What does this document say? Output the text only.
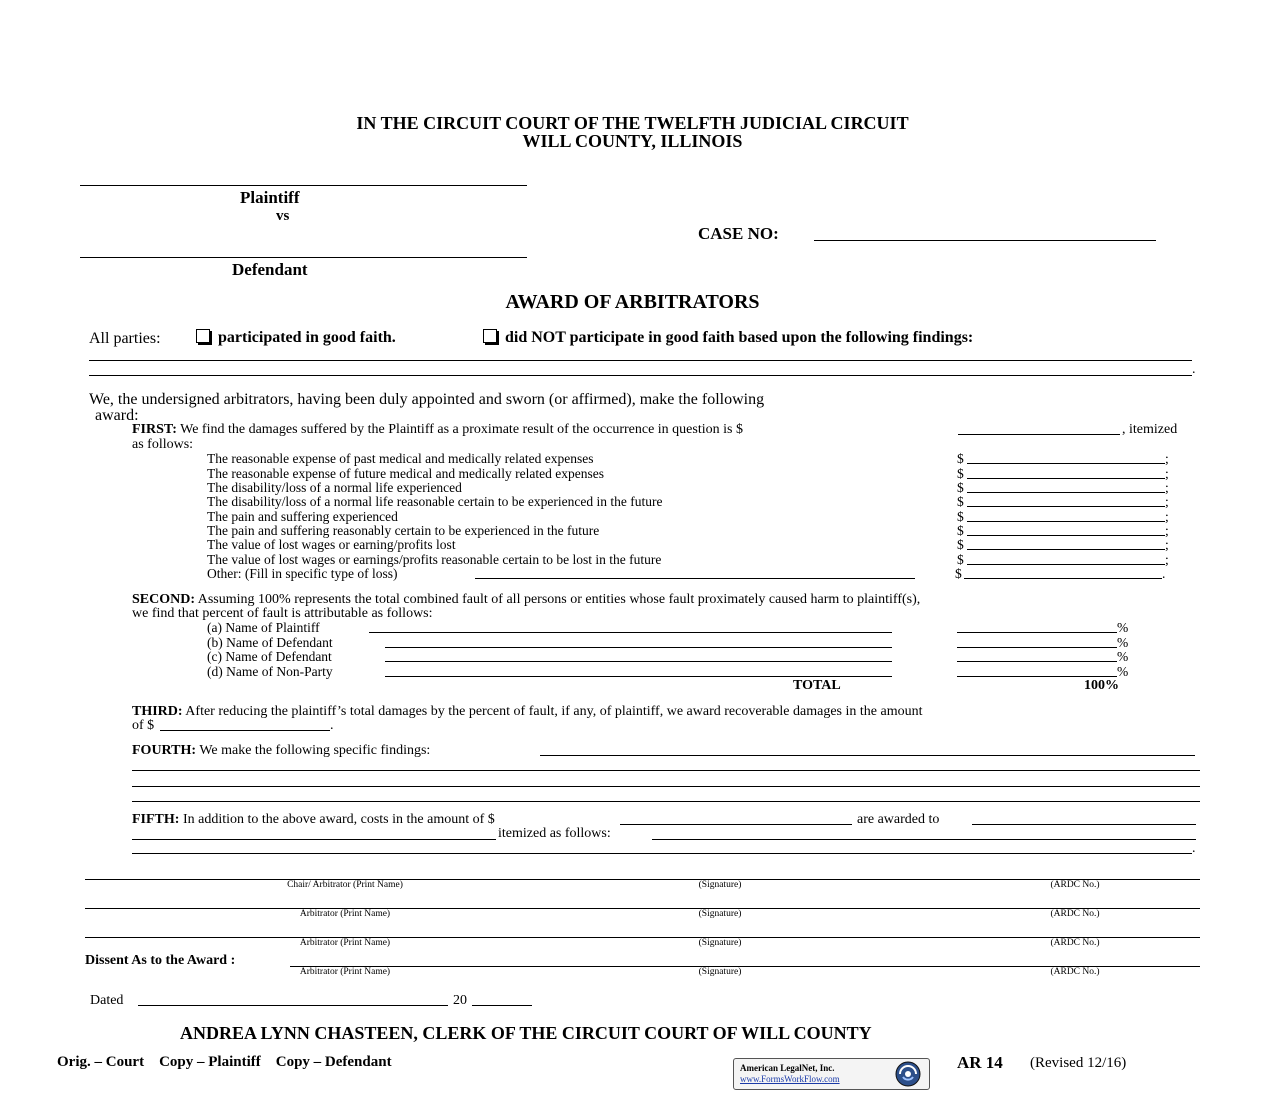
IN THE CIRCUIT COURT OF THE TWELFTH JUDICIAL CIRCUIT
WILL COUNTY, ILLINOIS
Plaintiff
vs
Defendant
CASE NO:
AWARD OF ARBITRATORS
All parties:	participated in good faith.	did NOT participate in good faith based upon the following findings:
.
We, the undersigned arbitrators, having been duly appointed and sworn (or affirmed), make the following
award:
FIRST: We find the damages suffered by the Plaintiff as a proximate result of the occurrence in question is $	, itemized
as follows:
The reasonable expense of past medical and medically related expenses	$	;
The reasonable expense of future medical and medically related expenses	$	;
The disability/loss of a normal life experienced	$	;
The disability/loss of a normal life reasonable certain to be experienced in the future	$	;
The pain and suffering experienced	$	;
The pain and suffering reasonably certain to be experienced in the future	$	;
The value of lost wages or earning/profits lost	$	;
The value of lost wages or earnings/profits reasonable certain to be lost in the future	$	;
Other: (Fill in specific type of loss)	$	.
SECOND: Assuming 100% represents the total combined fault of all persons or entities whose fault proximately caused harm to plaintiff(s),
we find that percent of fault is attributable as follows:
(a) Name of Plaintiff	%
(b) Name of Defendant	%
(c) Name of Defendant	%
(d) Name of Non-Party	%
TOTAL	100%
THIRD: After reducing the plaintiff’s total damages by the percent of fault, if any, of plaintiff, we award recoverable damages in the amount
of $	.
FOURTH: We make the following specific findings:
FIFTH: In addition to the above award, costs in the amount of $	are awarded to
itemized as follows:
.
Chair/ Arbitrator (Print Name)	(Signature)	(ARDC No.)
Arbitrator (Print Name)	(Signature)	(ARDC No.)
Arbitrator (Print Name)	(Signature)	(ARDC No.)
Arbitrator (Print Name)	(Signature)	(ARDC No.)
Dissent As to the Award :
Dated	20
ANDREA LYNN CHASTEEN, CLERK OF THE CIRCUIT COURT OF WILL COUNTY
Orig. – Court    Copy – Plaintiff    Copy – Defendant	American LegalNet, Inc.
www.FormsWorkFlow.com
AR 14 (Revised 12/16)
